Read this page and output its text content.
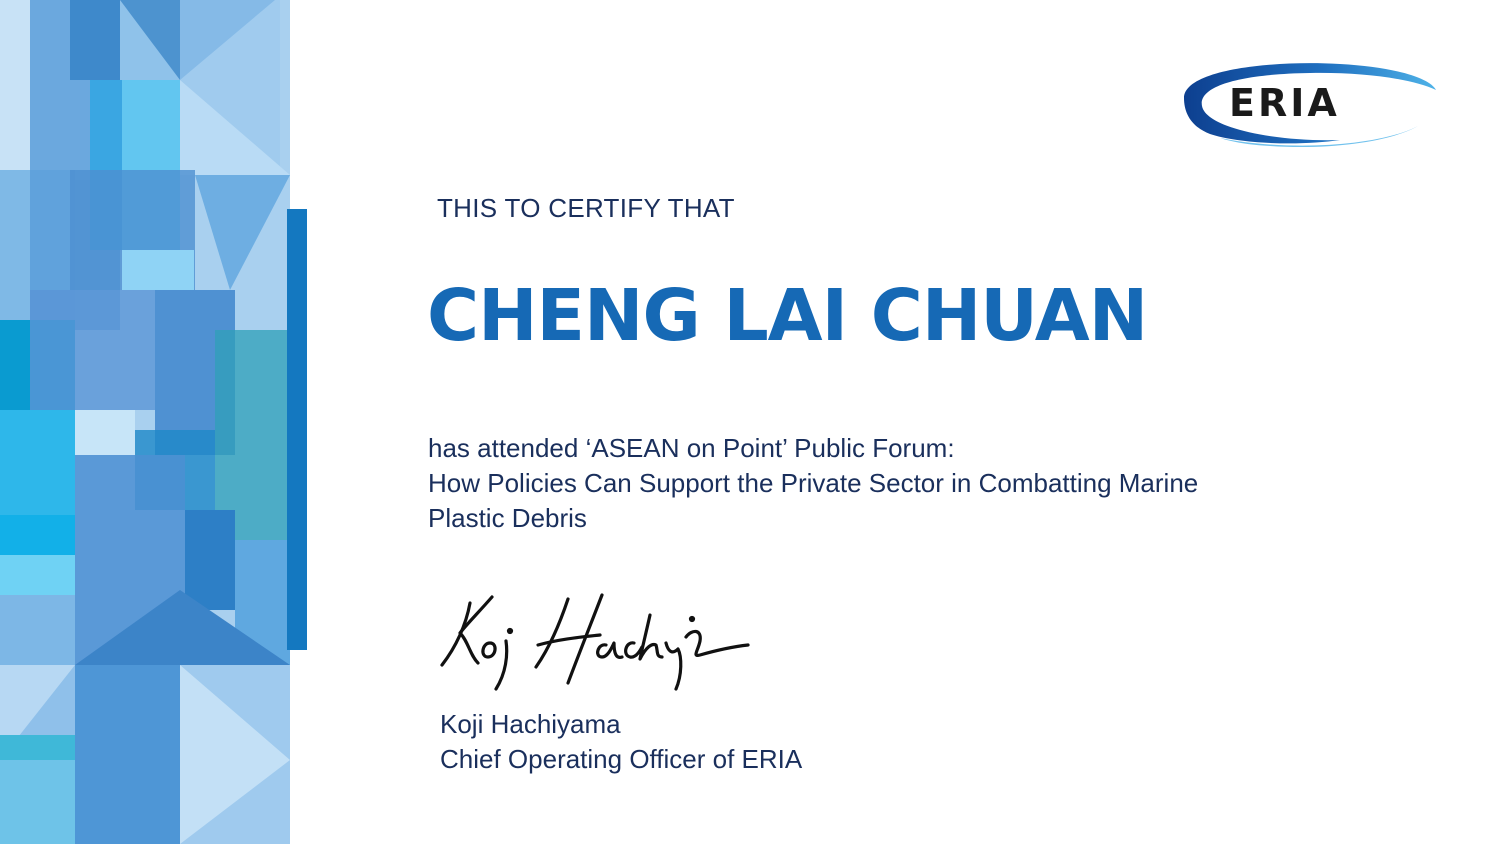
ERIA
THIS TO CERTIFY THAT
CHENG LAI CHUAN
has attended ‘ASEAN on Point’ Public Forum:
How Policies Can Support the Private Sector in Combatting Marine
Plastic Debris
Koji Hachiyama
Chief Operating Officer of ERIA
